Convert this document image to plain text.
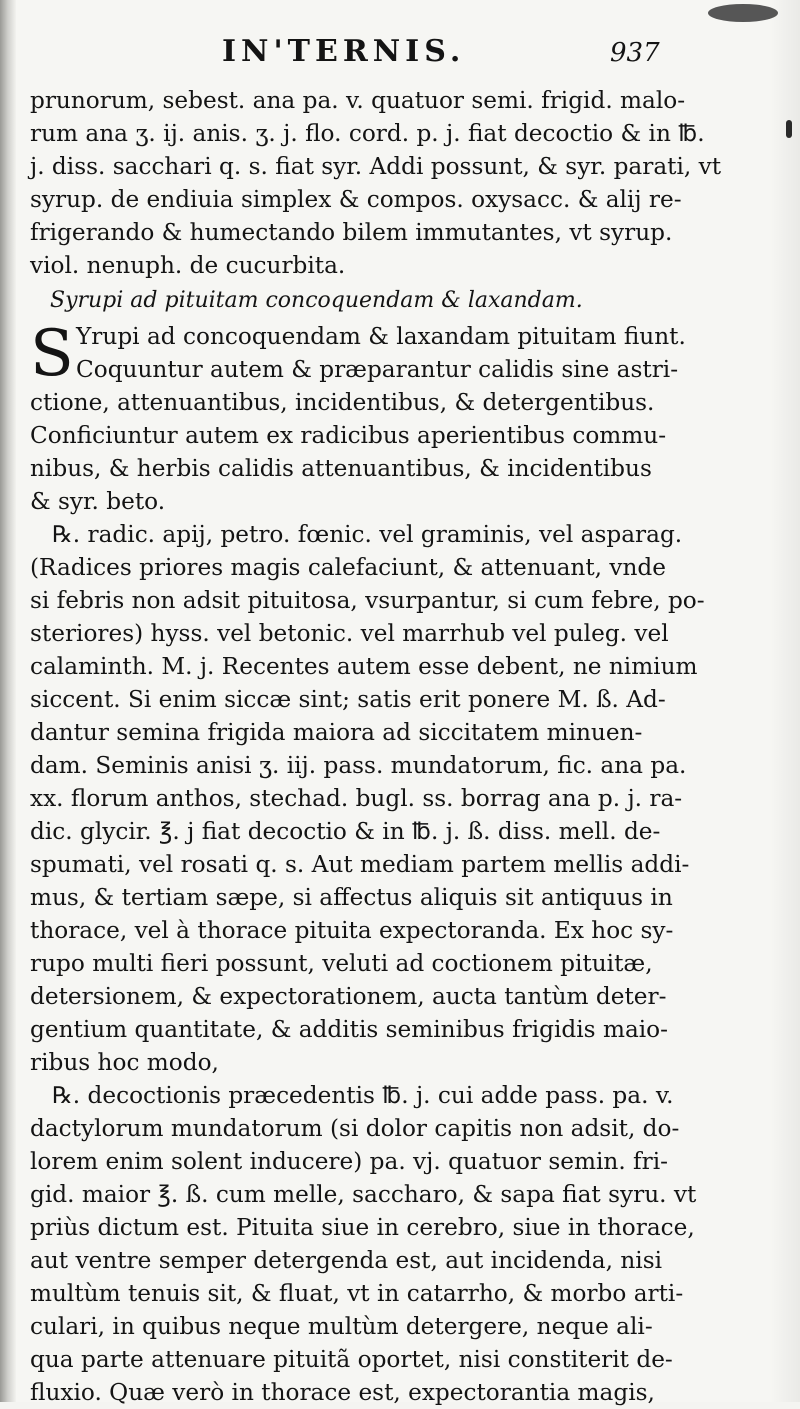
IN'TERNIS.	937
prunorum, sebest. ana pa. v. quatuor semi. frigid. malo-
rum ana ʒ. ij. anis. ʒ. j. flo. cord. p. j. fiat decoctio & in ℔.
j. diss. sacchari q. s. fiat syr. Addi possunt, & syr. parati, vt
syrup. de endiuia simplex & compos. oxysacc. & alij re-
frigerando & humectando bilem immutantes, vt syrup.
viol. nenuph. de cucurbita.
Syrupi ad pituitam concoquendam & laxandam.
S Yrupi ad concoquendam & laxandam pituitam fiunt.
Coquuntur autem & præparantur calidis sine astri-
ctione, attenuantibus, incidentibus, & detergentibus.
Conficiuntur autem ex radicibus aperientibus commu-
nibus, & herbis calidis attenuantibus, & incidentibus
& syr. beto.
℞. radic. apij, petro. fœnic. vel graminis, vel asparag.
(Radices priores magis calefaciunt, & attenuant, vnde
si febris non adsit pituitosa, vsurpantur, si cum febre, po-
steriores) hyss. vel betonic. vel marrhub vel puleg. vel
calaminth. M. j. Recentes autem esse debent, ne nimium
siccent. Si enim siccæ sint; satis erit ponere M. ß. Ad-
dantur semina frigida maiora ad siccitatem minuen-
dam. Seminis anisi ʒ. iij. pass. mundatorum, fic. ana pa.
xx. florum anthos, stechad. bugl. ss. borrag ana p. j. ra-
dic. glycir. ℥. j fiat decoctio & in ℔. j. ß. diss. mell. de-
spumati, vel rosati q. s. Aut mediam partem mellis addi-
mus, & tertiam sæpe, si affectus aliquis sit antiquus in
thorace, vel à thorace pituita expectoranda. Ex hoc sy-
rupo multi fieri possunt, veluti ad coctionem pituitæ,
detersionem, & expectorationem, aucta tantùm deter-
gentium quantitate, & additis seminibus frigidis maio-
ribus hoc modo,
℞. decoctionis præcedentis ℔. j. cui adde pass. pa. v.
dactylorum mundatorum (si dolor capitis non adsit, do-
lorem enim solent inducere) pa. vj. quatuor semin. fri-
gid. maior ℥. ß. cum melle, saccharo, & sapa fiat syru. vt
priùs dictum est. Pituita siue in cerebro, siue in thorace,
aut ventre semper detergenda est, aut incidenda, nisi
multùm tenuis sit, & fluat, vt in catarrho, & morbo arti-
culari, in quibus neque multùm detergere, neque ali-
qua parte attenuare pituitã oportet, nisi constiterit de-
fluxio. Quæ verò in thorace est, expectorantia magis,
